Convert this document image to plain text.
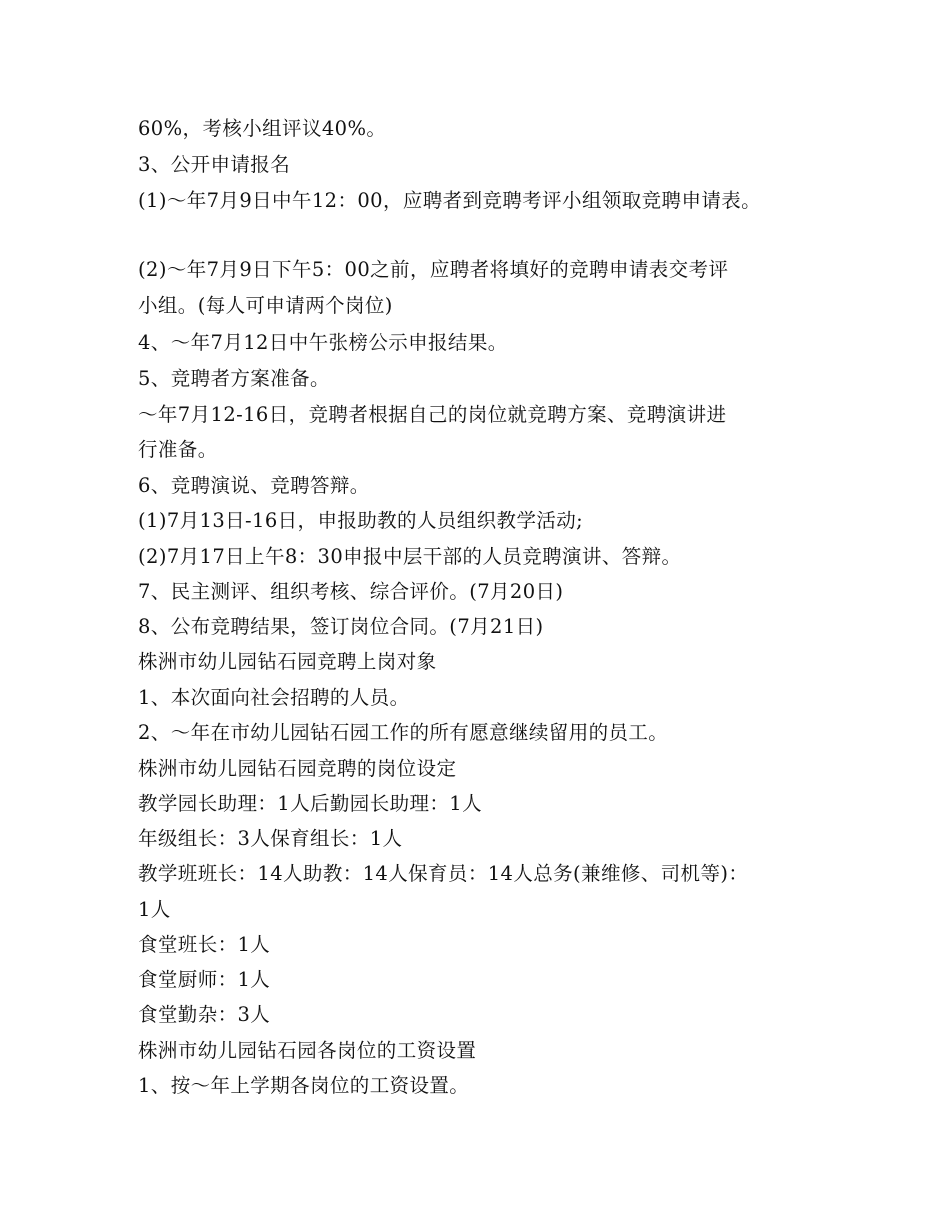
60%，考核小组评议40%。
3、公开申请报名
(1)～年7月9日中午12：00，应聘者到竞聘考评小组领取竞聘申请表。
(2)～年7月9日下午5：00之前，应聘者将填好的竞聘申请表交考评
小组。(每人可申请两个岗位)
4、～年7月12日中午张榜公示申报结果。
5、竞聘者方案准备。
～年7月12-16日，竞聘者根据自己的岗位就竞聘方案、竞聘演讲进
行准备。
6、竞聘演说、竞聘答辩。
(1)7月13日-16日，申报助教的人员组织教学活动;
(2)7月17日上午8：30申报中层干部的人员竞聘演讲、答辩。
7、民主测评、组织考核、综合评价。(7月20日)
8、公布竞聘结果，签订岗位合同。(7月21日)
株洲市幼儿园钻石园竞聘上岗对象
1、本次面向社会招聘的人员。
2、～年在市幼儿园钻石园工作的所有愿意继续留用的员工。
株洲市幼儿园钻石园竞聘的岗位设定
教学园长助理：1人后勤园长助理：1人
年级组长：3人保育组长：1人
教学班班长：14人助教：14人保育员：14人总务(兼维修、司机等)：
1人
食堂班长：1人
食堂厨师：1人
食堂勤杂：3人
株洲市幼儿园钻石园各岗位的工资设置
1、按～年上学期各岗位的工资设置。
